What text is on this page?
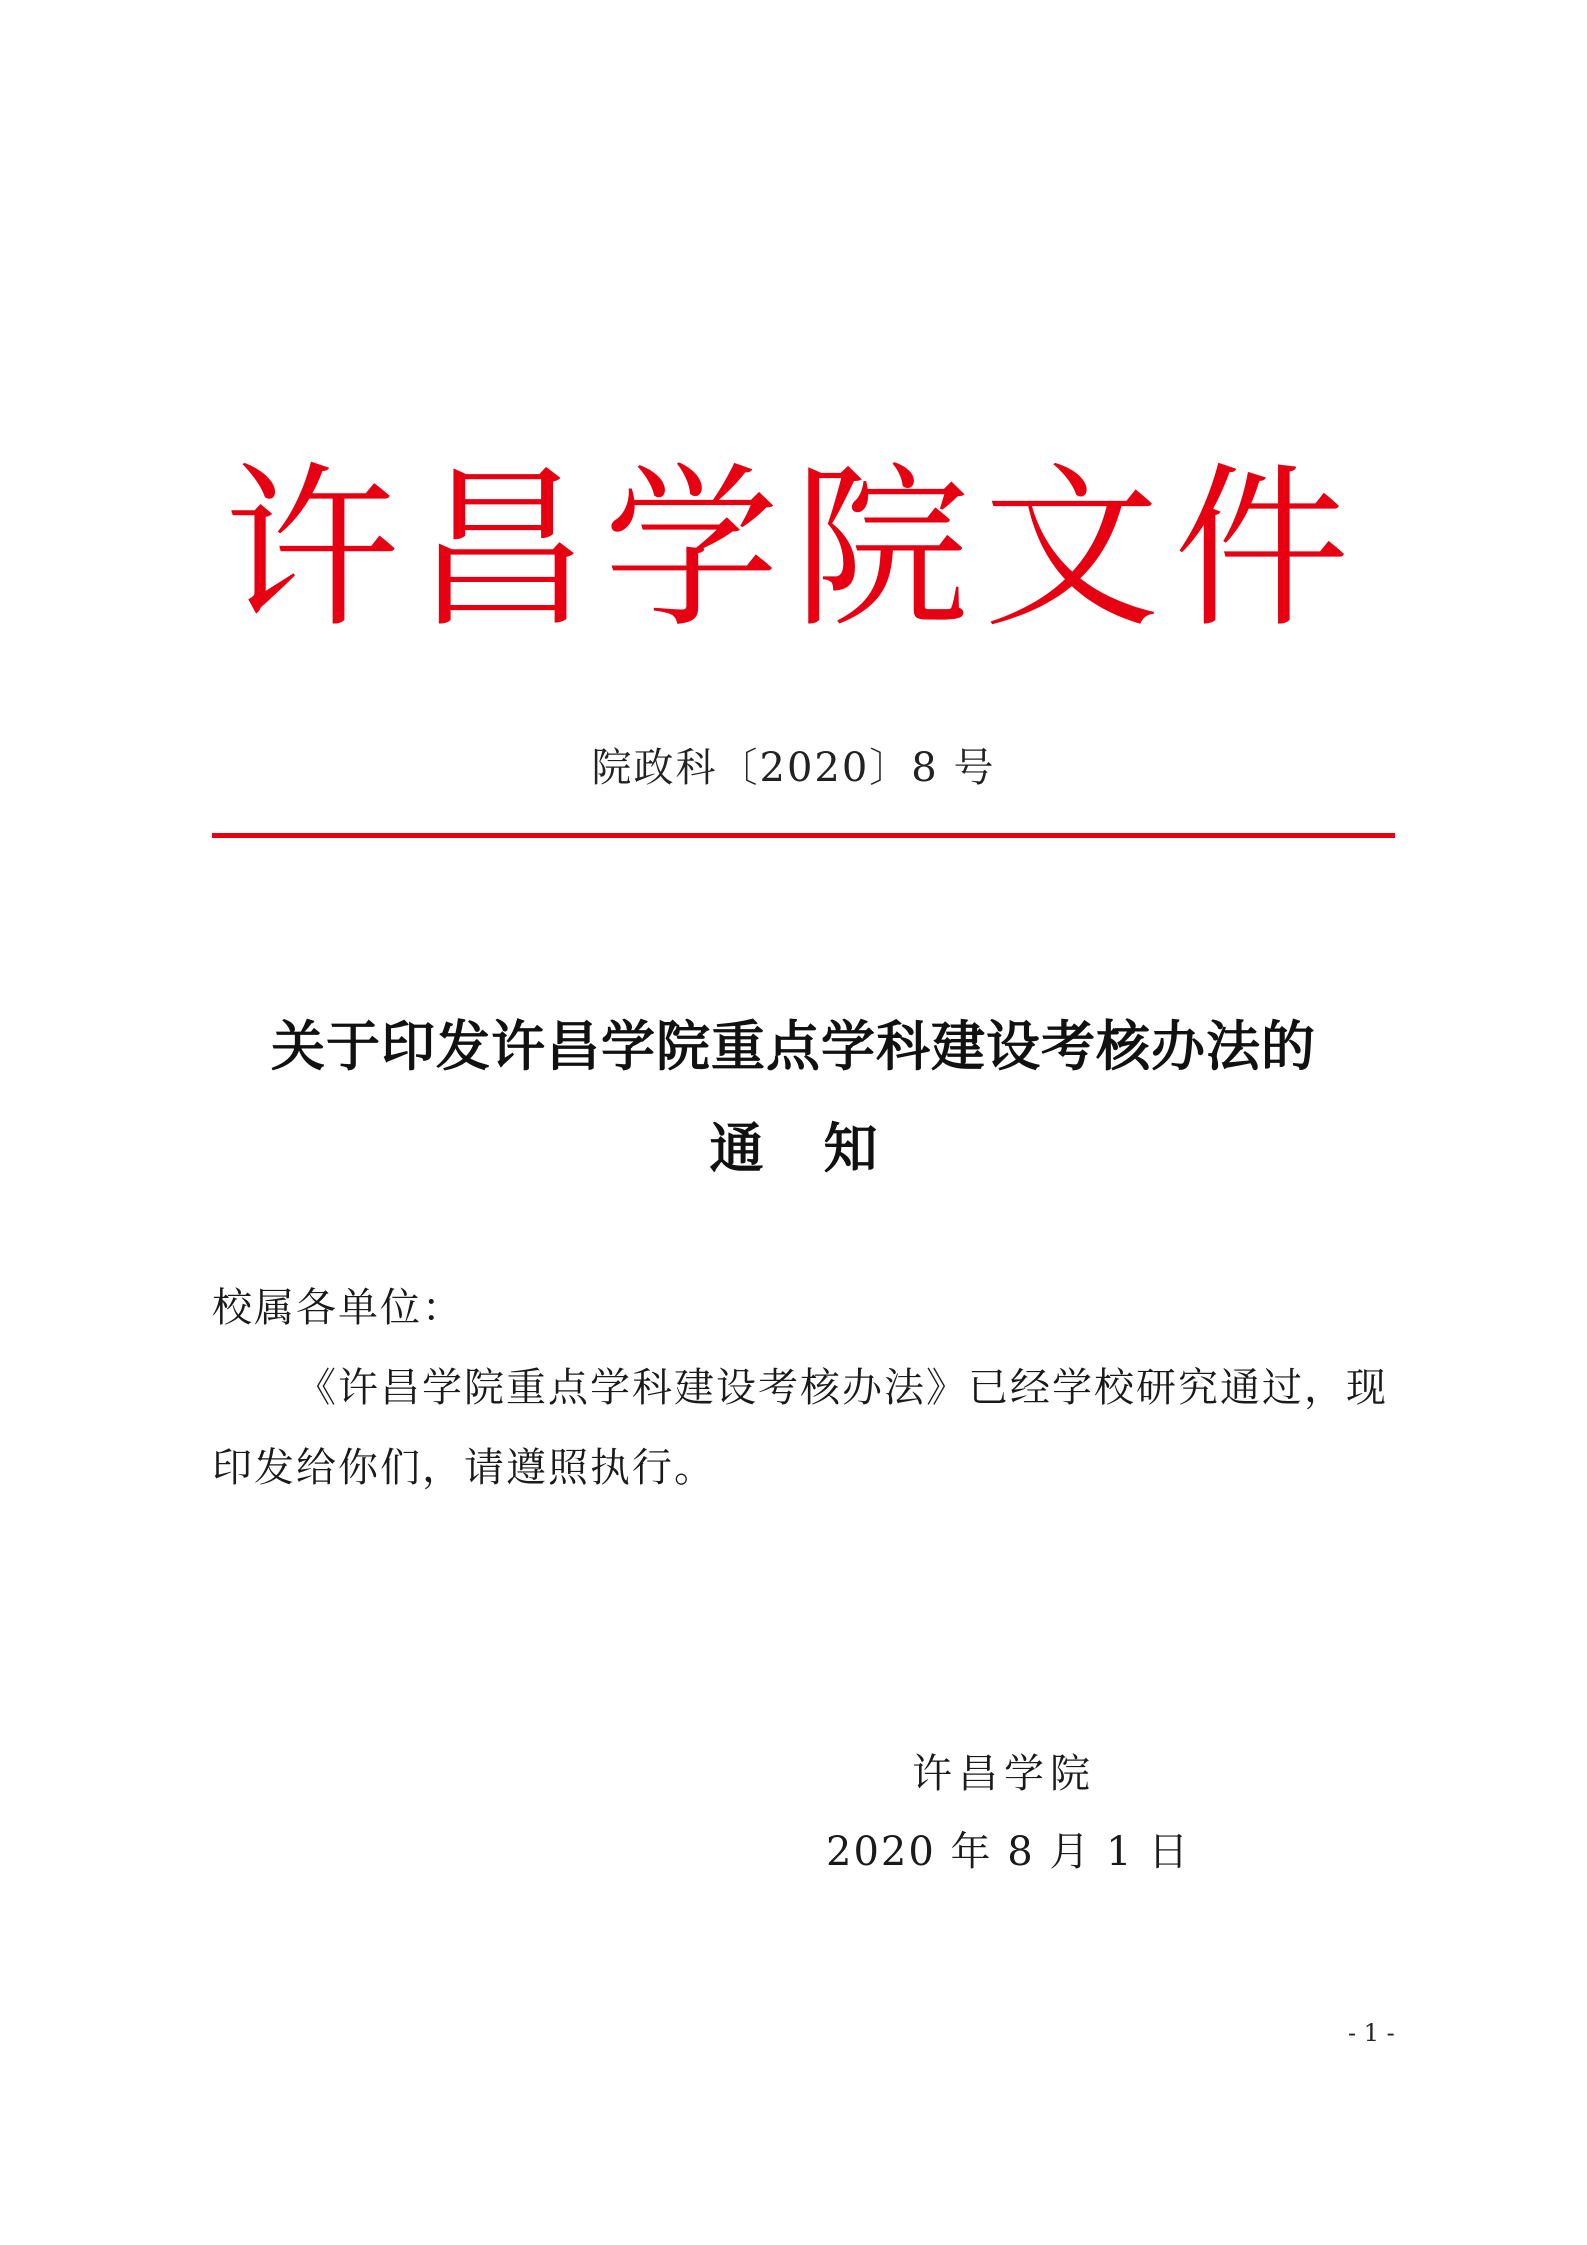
许昌学院文件
院政科〔2020〕8 号
关于印发许昌学院重点学科建设考核办法的
通知
校属各单位：
《许昌学院重点学科建设考核办法》已经学校研究通过，现
印发给你们，请遵照执行。
许昌学院
2020 年 8 月 1 日
- 1 -
